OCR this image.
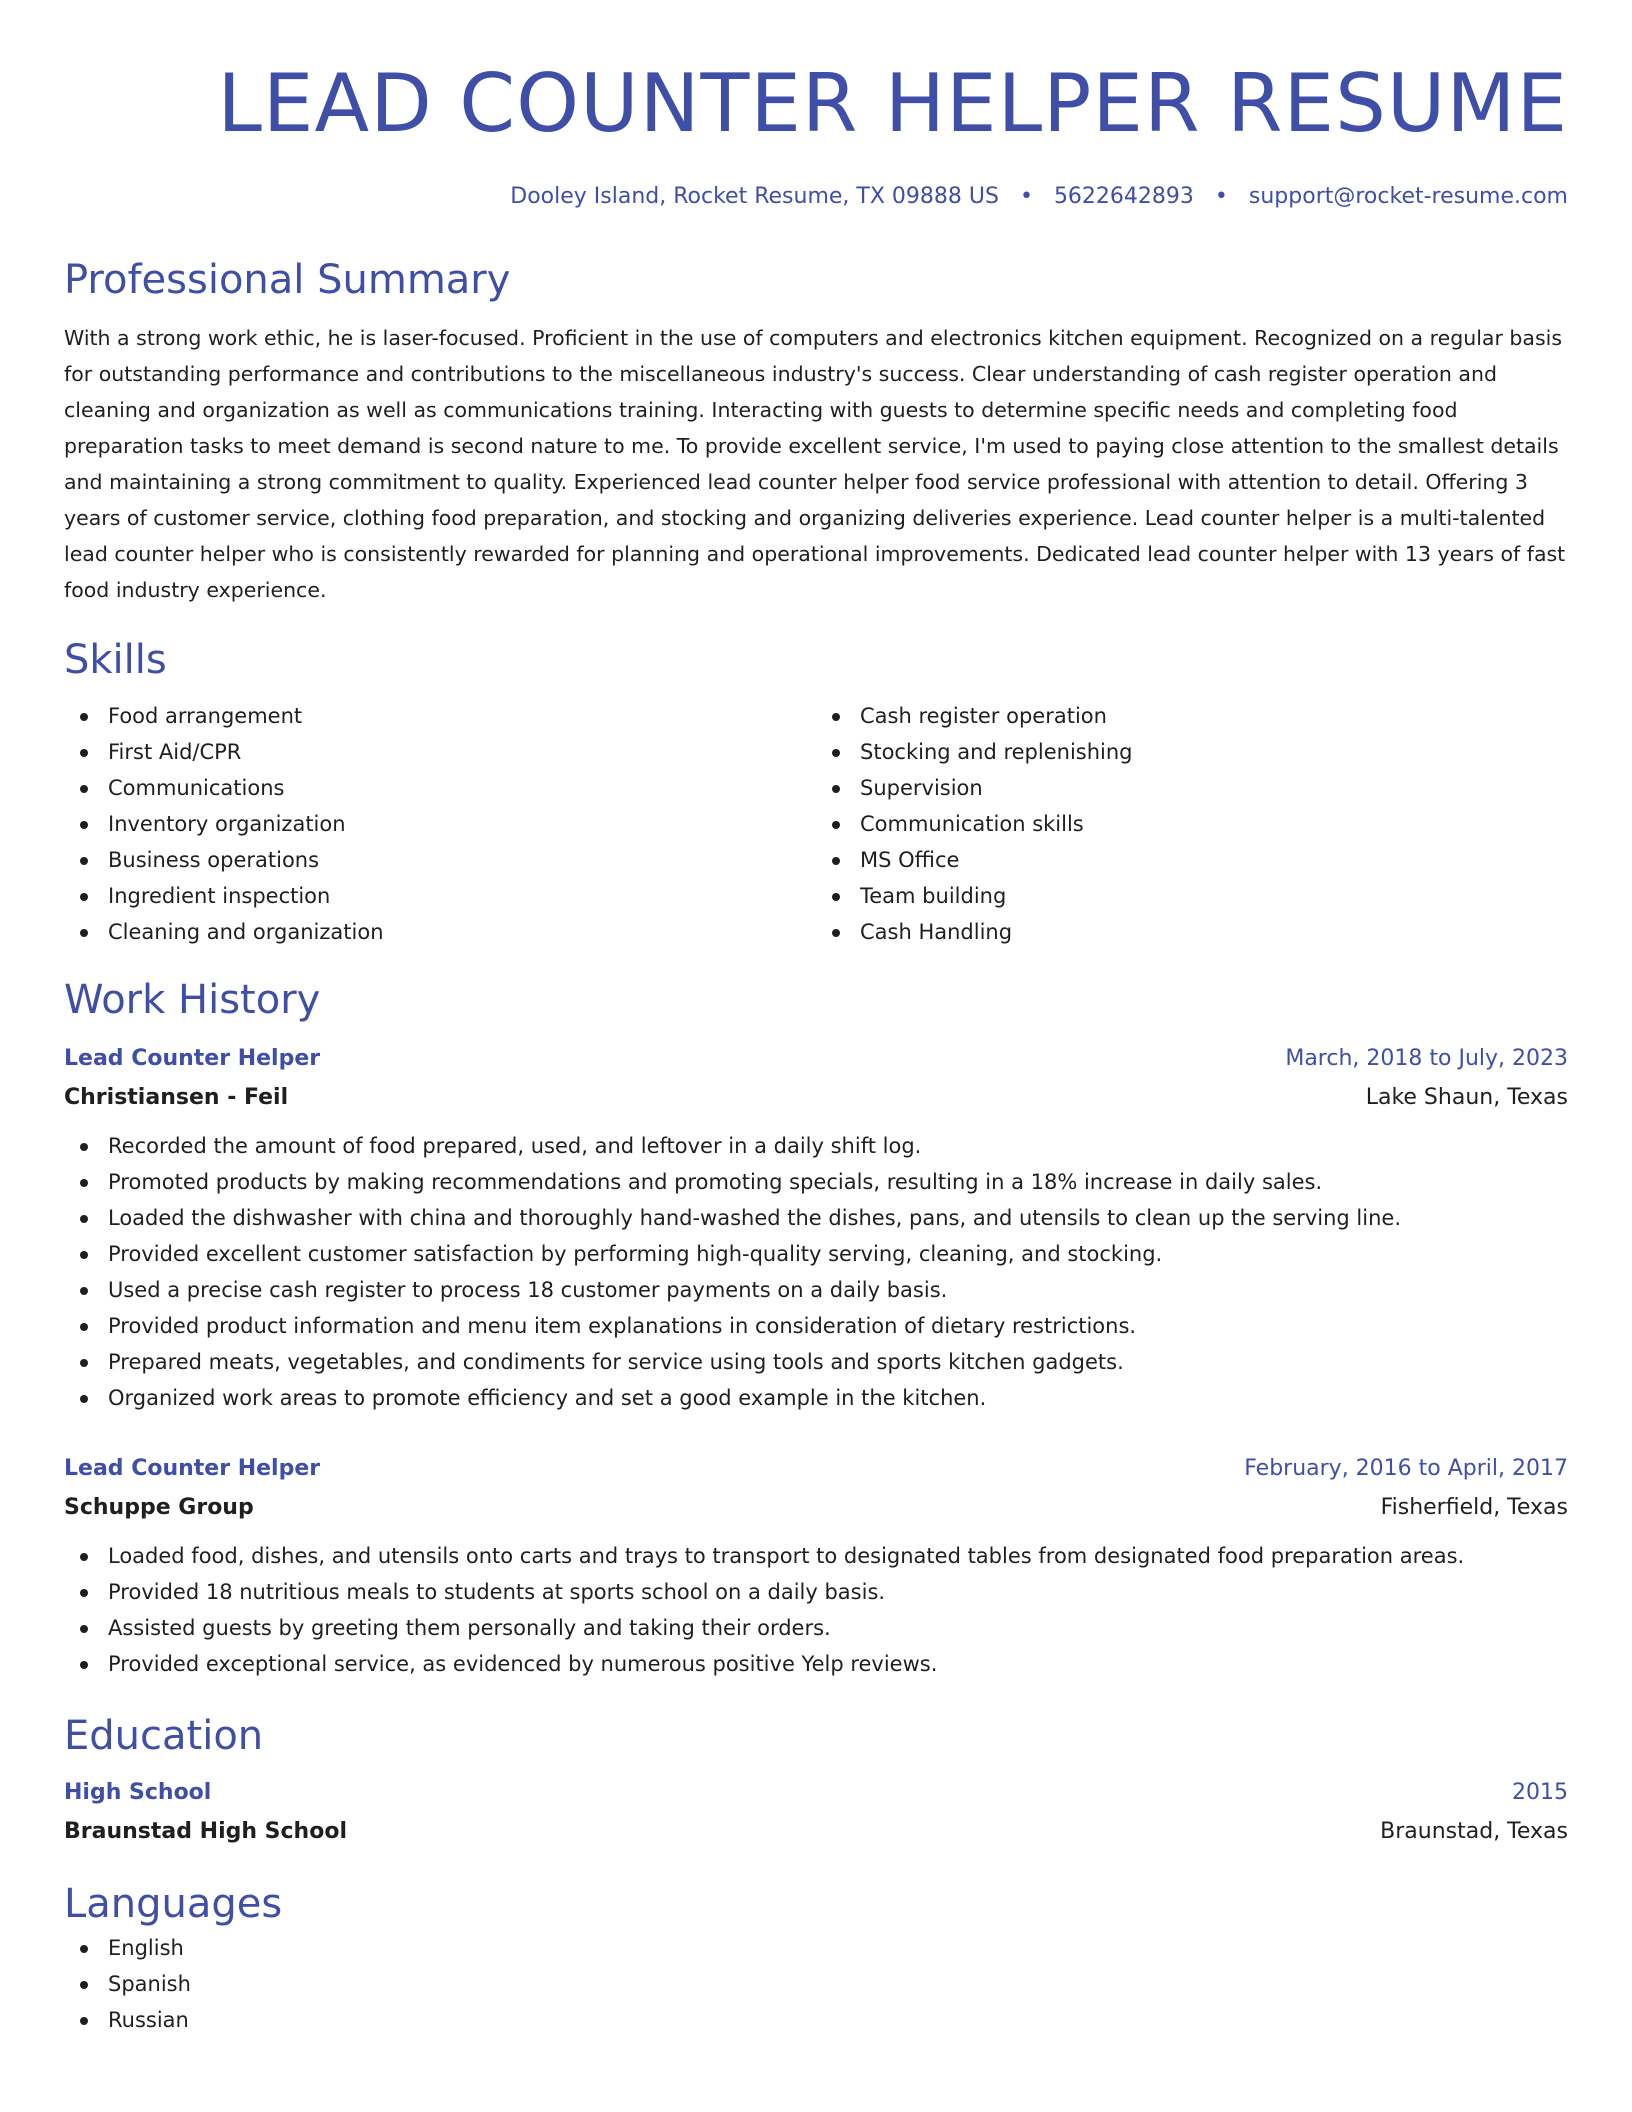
LEAD COUNTER HELPER RESUME
Dooley Island, Rocket Resume, TX 09888 US • 5622642893 • support@rocket-resume.com
Professional Summary

With a strong work ethic, he is laser-focused. Proficient in the use of computers and electronics kitchen equipment. Recognized on a regular basis for outstanding performance and contributions to the miscellaneous industry's success. Clear understanding of cash register operation and cleaning and organization as well as communications training. Interacting with guests to determine specific needs and completing food preparation tasks to meet demand is second nature to me. To provide excellent service, I'm used to paying close attention to the smallest details and maintaining a strong commitment to quality. Experienced lead counter helper food service professional with attention to detail. Offering 3 years of customer service, clothing food preparation, and stocking and organizing deliveries experience. Lead counter helper is a multi-talented lead counter helper who is consistently rewarded for planning and operational improvements. Dedicated lead counter helper with 13 years of fast food industry experience.

Skills
Food arrangement
First Aid/CPR
Communications
Inventory organization
Business operations
Ingredient inspection
Cleaning and organization
Cash register operation
Stocking and replenishing
Supervision
Communication skills
MS Office
Team building
Cash Handling
Work History
Lead Counter Helper	March, 2018 to July, 2023
Christiansen - Feil	Lake Shaun, Texas
Recorded the amount of food prepared, used, and leftover in a daily shift log.
Promoted products by making recommendations and promoting specials, resulting in a 18% increase in daily sales.
Loaded the dishwasher with china and thoroughly hand-washed the dishes, pans, and utensils to clean up the serving line.
Provided excellent customer satisfaction by performing high-quality serving, cleaning, and stocking.
Used a precise cash register to process 18 customer payments on a daily basis.
Provided product information and menu item explanations in consideration of dietary restrictions.
Prepared meats, vegetables, and condiments for service using tools and sports kitchen gadgets.
Organized work areas to promote efficiency and set a good example in the kitchen.
Lead Counter Helper	February, 2016 to April, 2017
Schuppe Group	Fisherfield, Texas
Loaded food, dishes, and utensils onto carts and trays to transport to designated tables from designated food preparation areas.
Provided 18 nutritious meals to students at sports school on a daily basis.
Assisted guests by greeting them personally and taking their orders.
Provided exceptional service, as evidenced by numerous positive Yelp reviews.
Education
High School	2015
Braunstad High School	Braunstad, Texas
Languages
English
Spanish
Russian
